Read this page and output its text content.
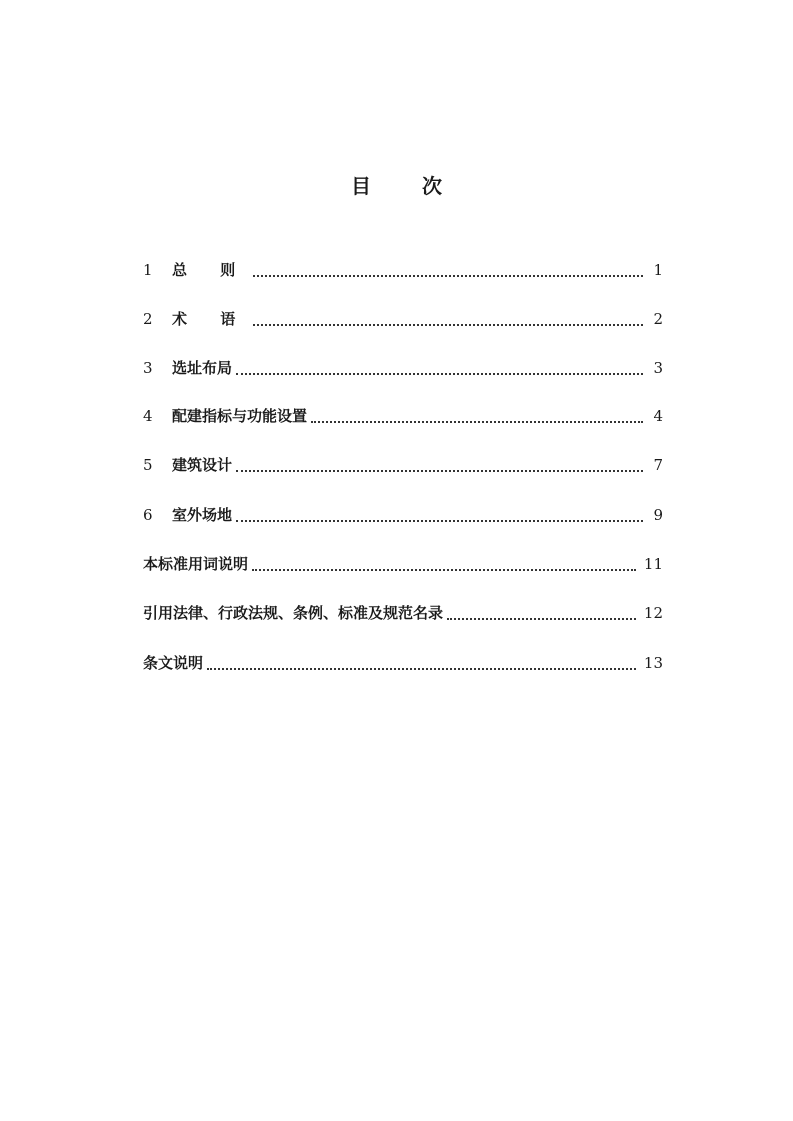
目 次
1	总 则	1
2	术 语	2
3	选址布局	3
4	配建指标与功能设置	4
5	建筑设计	7
6	室外场地	9
本标准用词说明	11
引用法律、行政法规、条例、标准及规范名录	12
条文说明	13
